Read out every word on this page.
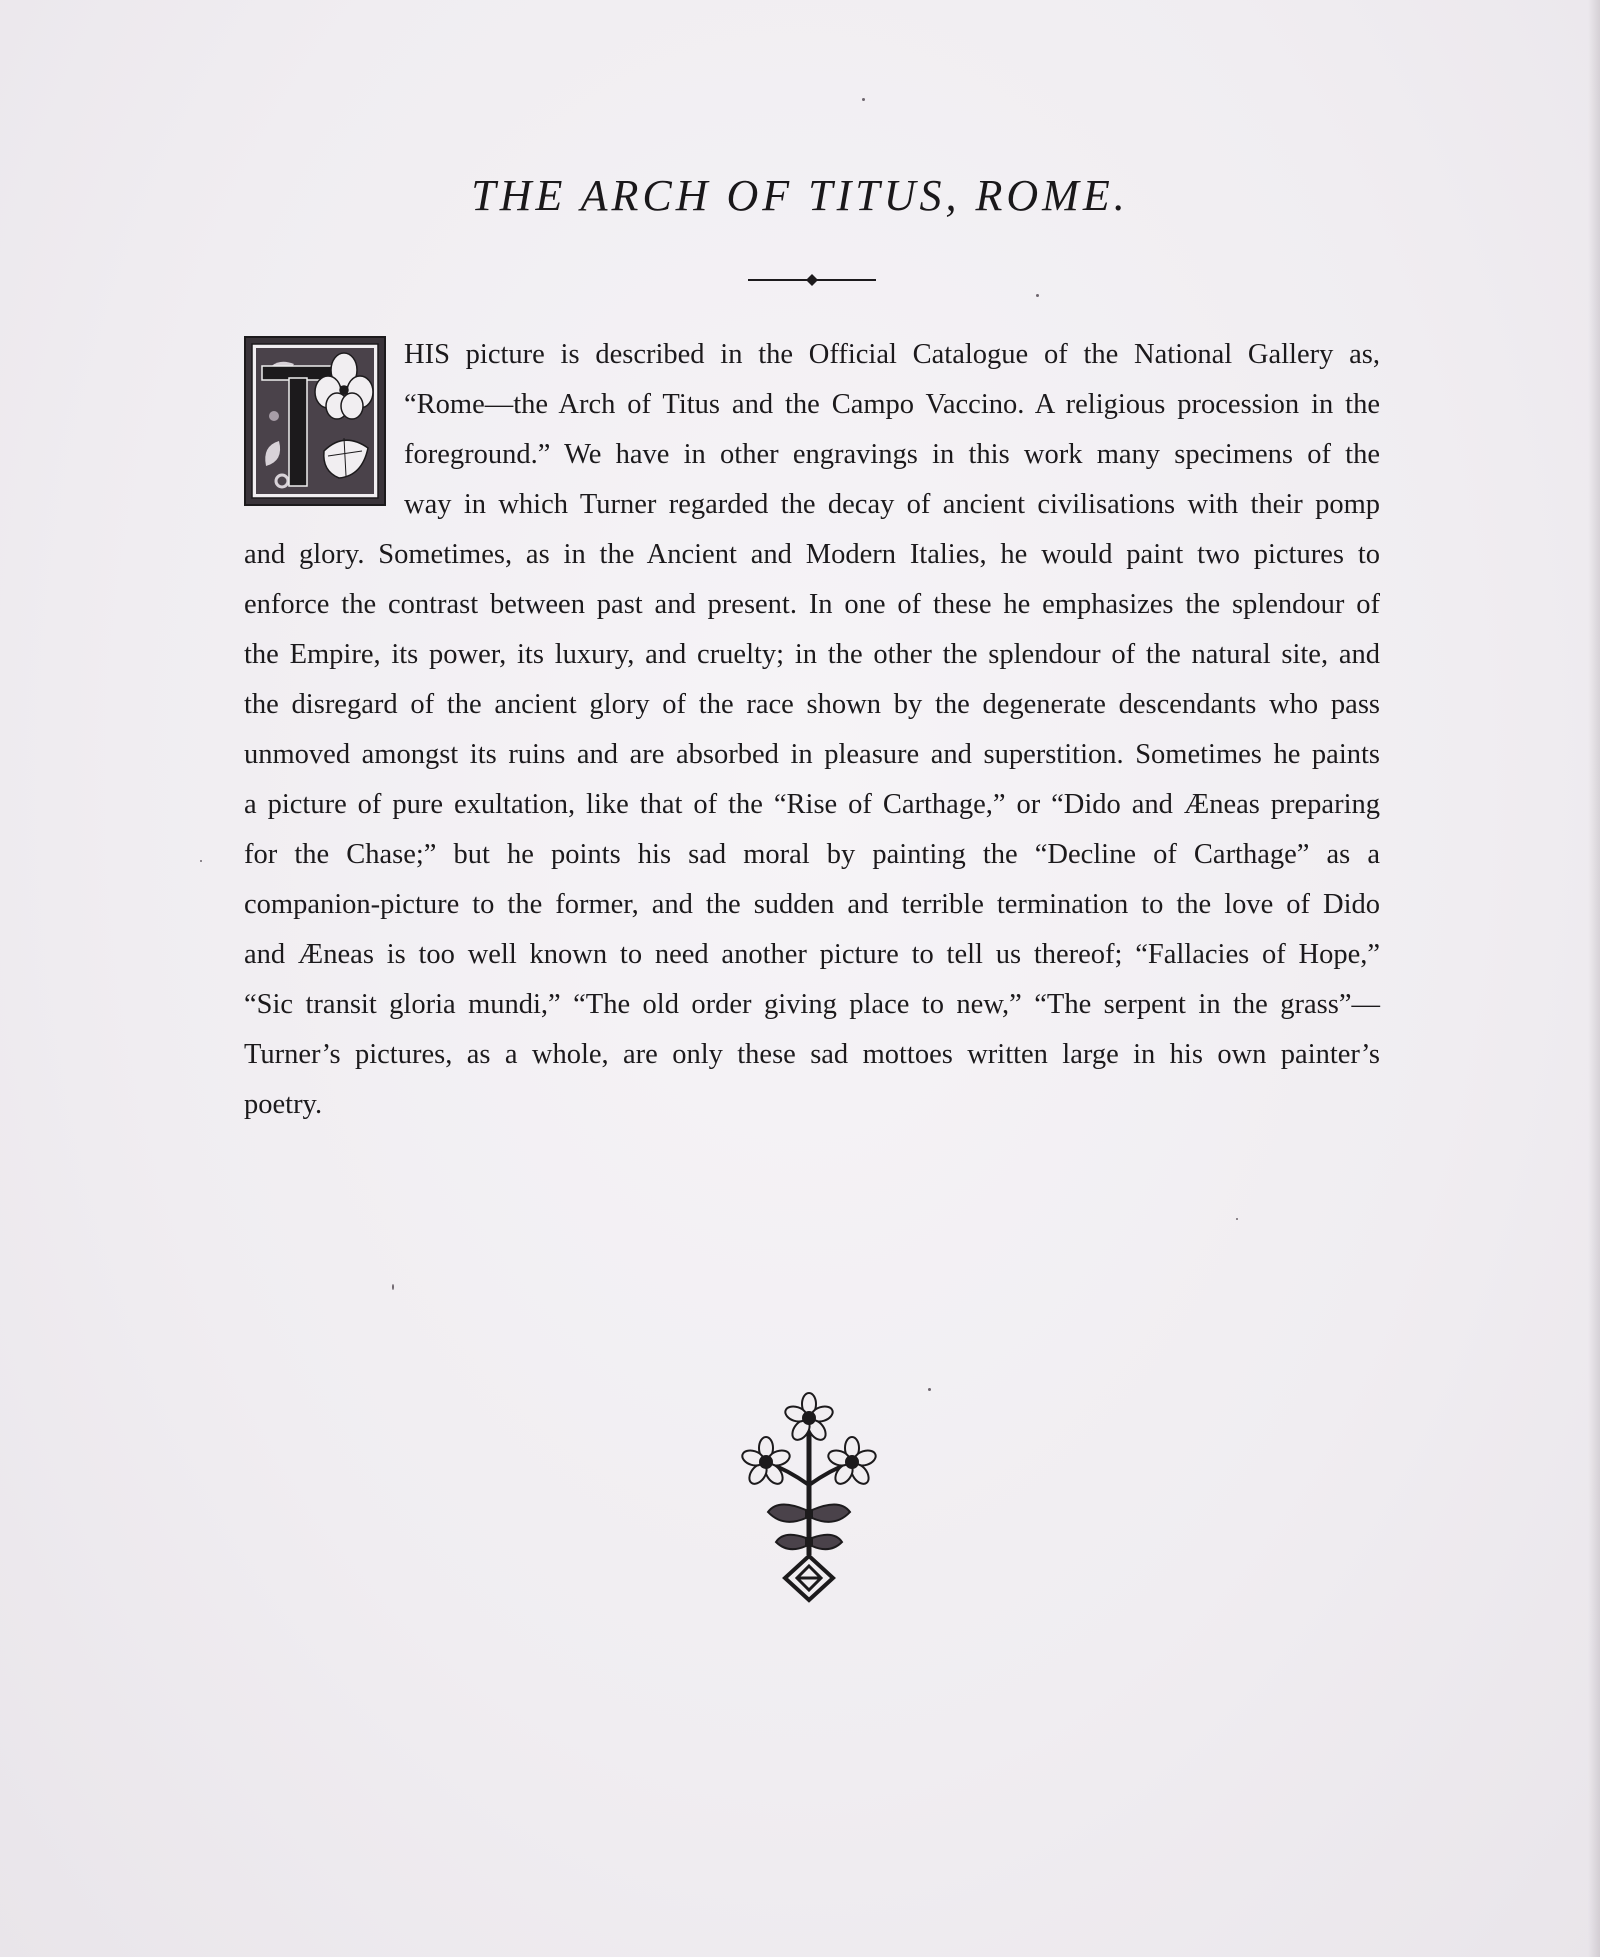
THE ARCH OF TITUS, ROME.

HIS picture is described in the Official Catalogue of the National Gallery as, “Rome—the Arch of Titus and the Campo Vaccino. A religious procession in the foreground.” We have in other engravings in this work many specimens of the way in which Turner regarded the decay of ancient civilisations with their pomp and glory. Sometimes, as in the Ancient and Modern Italies, he would paint two pictures to enforce the contrast between past and present. In one of these he emphasizes the splendour of the Empire, its power, its luxury, and cruelty; in the other the splendour of the natural site, and the disregard of the ancient glory of the race shown by the degenerate descendants who pass unmoved amongst its ruins and are absorbed in pleasure and superstition. Sometimes he paints a picture of pure exultation, like that of the “Rise of Carthage,” or “Dido and Æneas preparing for the Chase;” but he points his sad moral by painting the “Decline of Carthage” as a companion-picture to the former, and the sudden and terrible termination to the love of Dido and Æneas is too well known to need another picture to tell us thereof; “Fallacies of Hope,” “Sic transit gloria mundi,” “The old order giving place to new,” “The serpent in the grass”—Turner’s pictures, as a whole, are only these sad mottoes written large in his own painter’s poetry.
